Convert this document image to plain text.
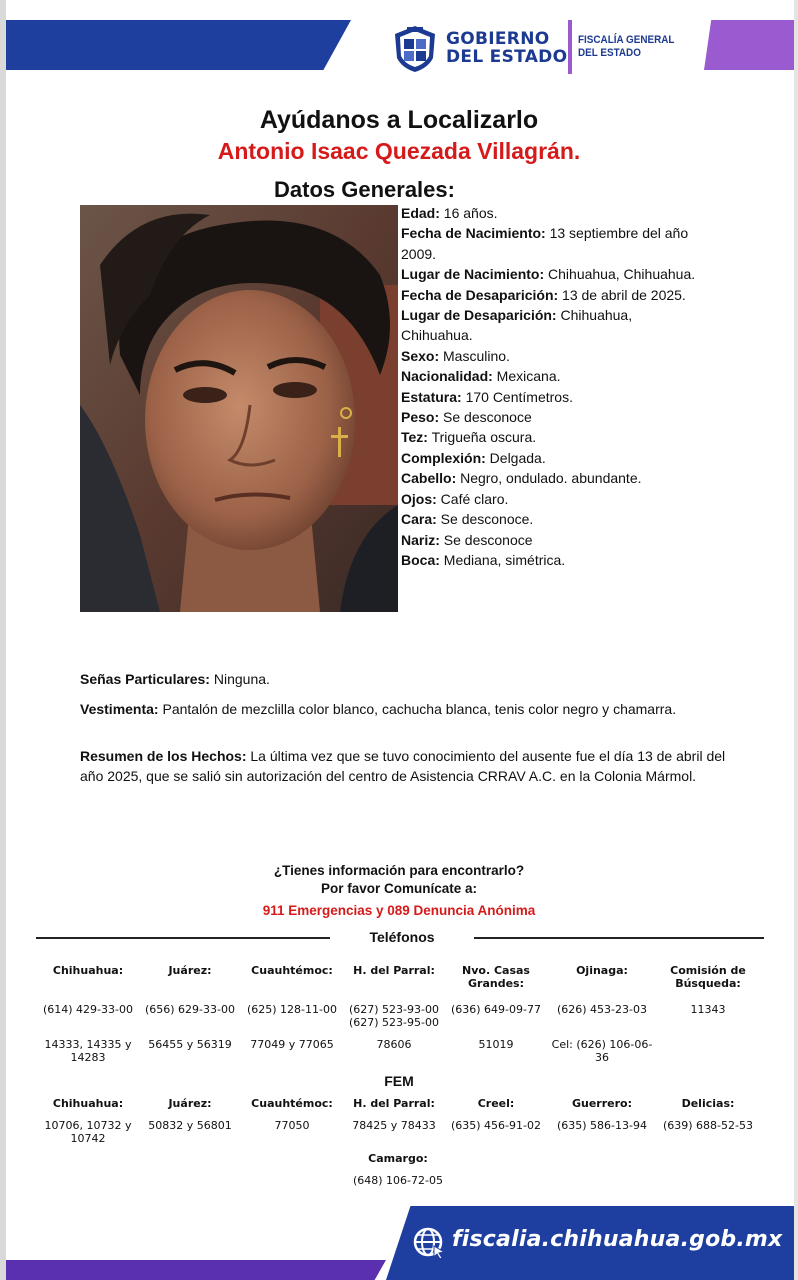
GOBIERNO
DEL ESTADO
FISCALÍA GENERAL
DEL ESTADO
Ayúdanos a Localizarlo
Antonio Isaac Quezada Villagrán.
Datos Generales:
Edad: 16 años.
Fecha de Nacimiento: 13 septiembre del año 2009.
Lugar de Nacimiento: Chihuahua, Chihuahua.
Fecha de Desaparición: 13 de abril de 2025.
Lugar de Desaparición: Chihuahua, Chihuahua.
Sexo: Masculino.
Nacionalidad: Mexicana.
Estatura: 170 Centímetros.
Peso: Se desconoce
Tez: Trigueña oscura.
Complexión: Delgada.
Cabello: Negro, ondulado. abundante.
Ojos: Café claro.
Cara: Se desconoce.
Nariz: Se desconoce
Boca: Mediana, simétrica.
Señas Particulares: Ninguna.
Vestimenta: Pantalón de mezclilla color blanco, cachucha blanca, tenis color negro y chamarra.
Resumen de los Hechos: La última vez que se tuvo conocimiento del ausente fue el día 13 de abril del año 2025, que se salió sin autorización del centro de Asistencia CRRAV A.C. en la Colonia Mármol.
¿Tienes información para encontrarlo?
Por favor Comunícate a:
911 Emergencias y 089 Denuncia Anónima
Teléfonos
Chihuahua:
(614) 429-33-00
14333, 14335 y 14283
Juárez:
(656) 629-33-00
56455 y 56319
Cuauhtémoc:
(625) 128-11-00
77049 y 77065
H. del Parral:
(627) 523-93-00 (627) 523-95-00
78606
Nvo. Casas Grandes:
(636) 649-09-77
51019
Ojinaga:
(626) 453-23-03
Cel: (626) 106-06-36
Comisión de Búsqueda:
11343
FEM
Chihuahua:
10706, 10732 y 10742
Juárez:
50832 y 56801
Cuauhtémoc:
77050
H. del Parral:
78425 y 78433
Creel:
(635) 456-91-02
Guerrero:
(635) 586-13-94
Delicias:
(639) 688-52-53
Camargo:
(648) 106-72-05
fiscalia.chihuahua.gob.mx
